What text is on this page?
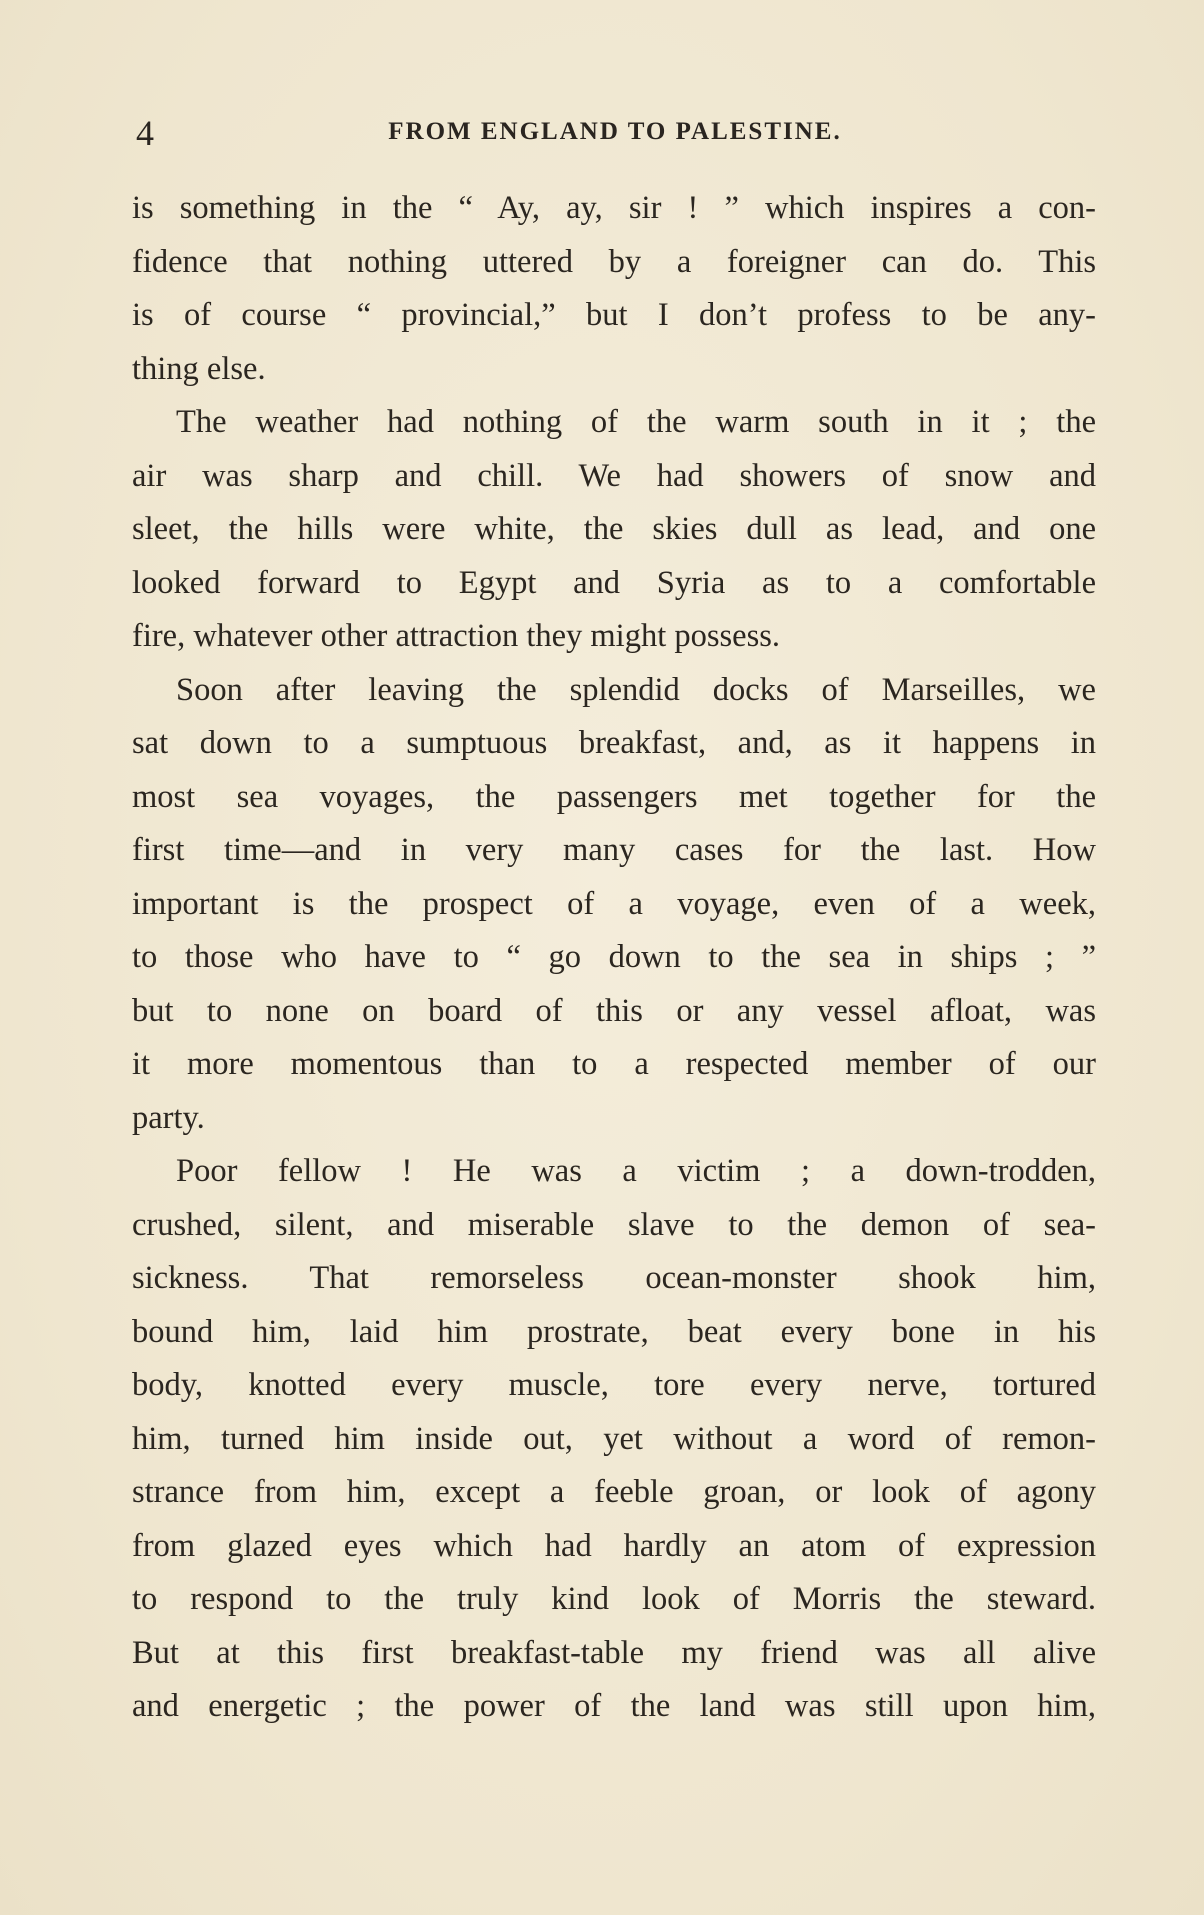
4	FROM ENGLAND TO PALESTINE.
is something in the “ Ay, ay, sir ! ” which inspires a con-
fidence that nothing uttered by a foreigner can do. This
is of course “ provincial,” but I don’t profess to be any-
thing else.
The weather had nothing of the warm south in it ; the
air was sharp and chill. We had showers of snow and
sleet, the hills were white, the skies dull as lead, and one
looked forward to Egypt and Syria as to a comfortable
fire, whatever other attraction they might possess.
Soon after leaving the splendid docks of Marseilles, we
sat down to a sumptuous breakfast, and, as it happens in
most sea voyages, the passengers met together for the
first time—and in very many cases for the last. How
important is the prospect of a voyage, even of a week,
to those who have to “ go down to the sea in ships ; ”
but to none on board of this or any vessel afloat, was
it more momentous than to a respected member of our
party.
Poor fellow ! He was a victim ; a down-trodden,
crushed, silent, and miserable slave to the demon of sea-
sickness. That remorseless ocean-monster shook him,
bound him, laid him prostrate, beat every bone in his
body, knotted every muscle, tore every nerve, tortured
him, turned him inside out, yet without a word of remon-
strance from him, except a feeble groan, or look of agony
from glazed eyes which had hardly an atom of expression
to respond to the truly kind look of Morris the steward.
But at this first breakfast-table my friend was all alive
and energetic ; the power of the land was still upon him,
